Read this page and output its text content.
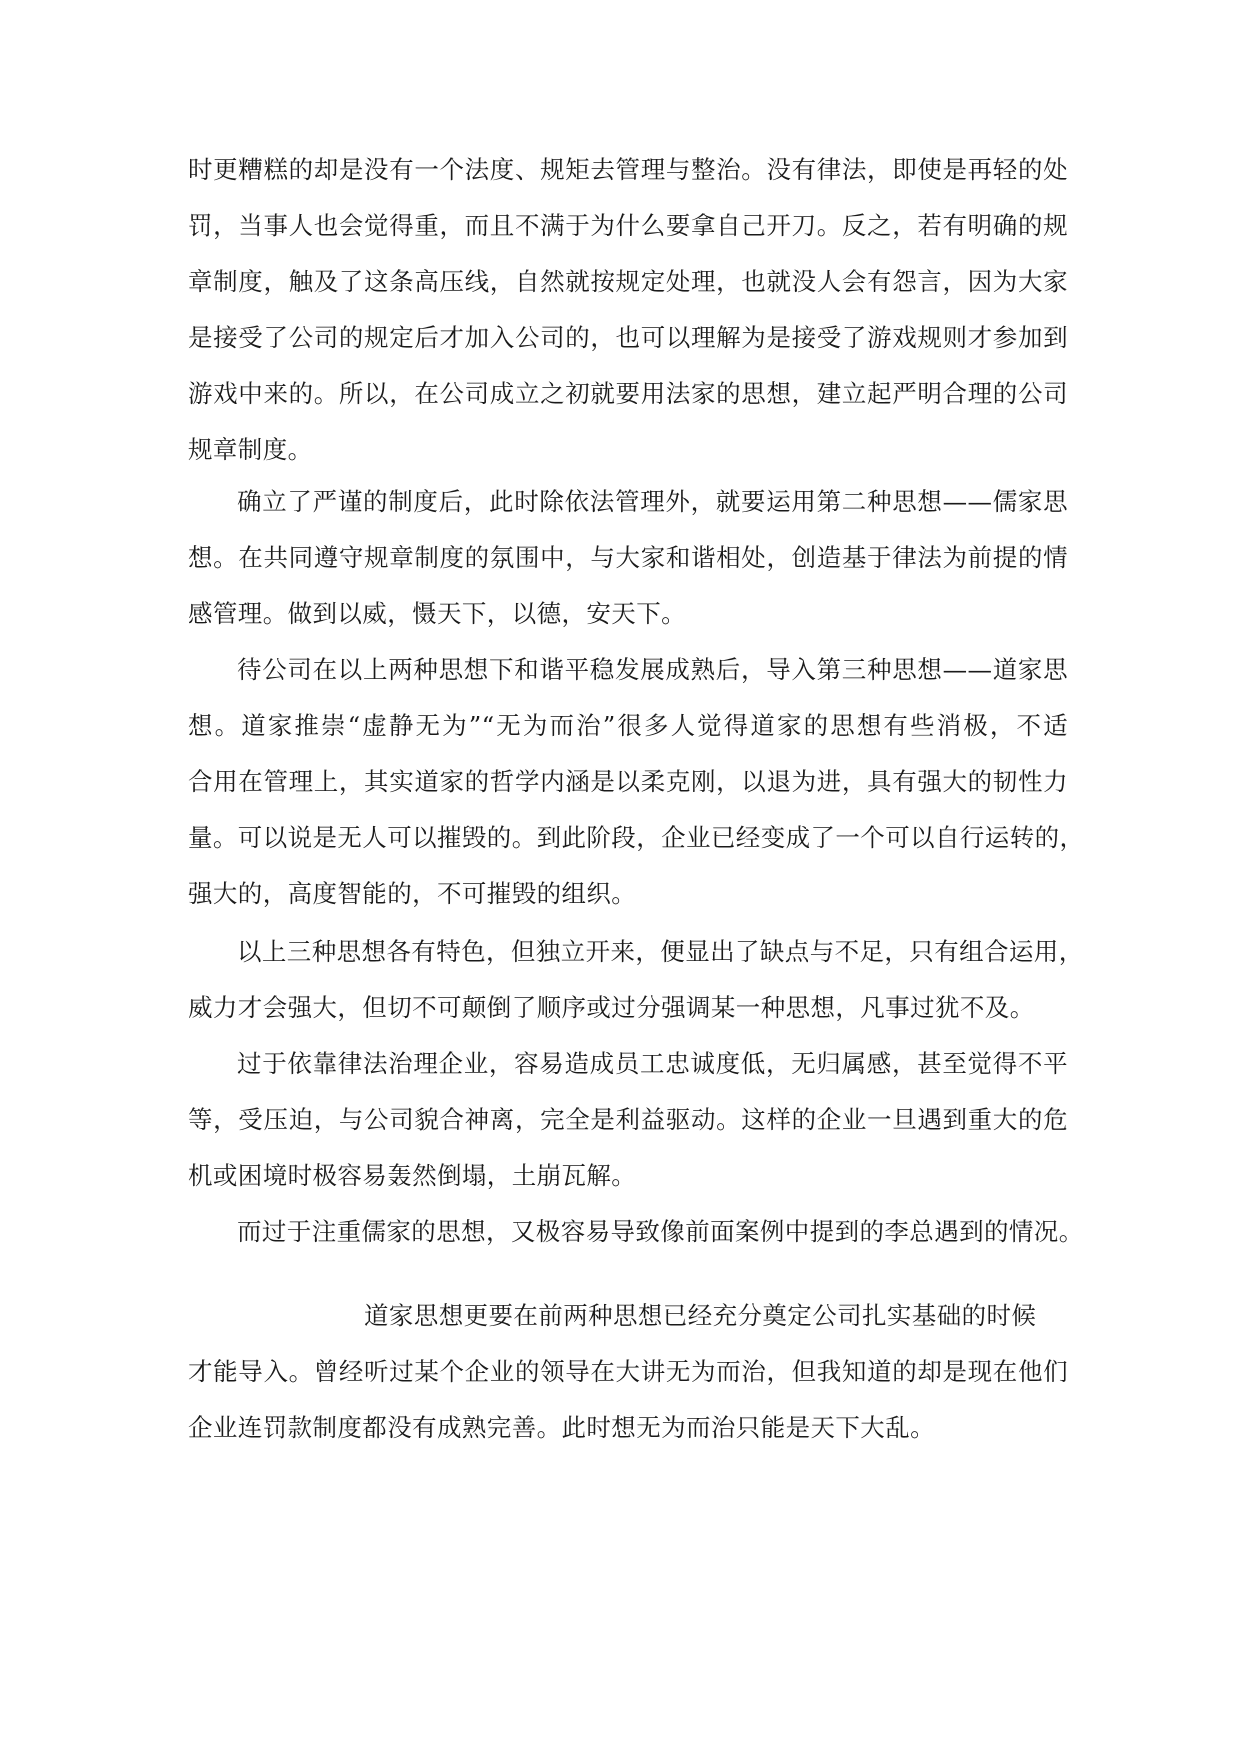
时更糟糕的却是没有一个法度、规矩去管理与整治。没有律法，即使是再轻的处
罚，当事人也会觉得重，而且不满于为什么要拿自己开刀。反之，若有明确的规
章制度，触及了这条高压线，自然就按规定处理，也就没人会有怨言，因为大家
是接受了公司的规定后才加入公司的，也可以理解为是接受了游戏规则才参加到
游戏中来的。所以，在公司成立之初就要用法家的思想，建立起严明合理的公司
规章制度。
确立了严谨的制度后，此时除依法管理外，就要运用第二种思想——儒家思
想。在共同遵守规章制度的氛围中，与大家和谐相处，创造基于律法为前提的情
感管理。做到以威，慑天下，以德，安天下。
待公司在以上两种思想下和谐平稳发展成熟后，导入第三种思想——道家思
想。道家推崇“虚静无为”“无为而治”很多人觉得道家的思想有些消极，不适
合用在管理上，其实道家的哲学内涵是以柔克刚，以退为进，具有强大的韧性力
量。可以说是无人可以摧毁的。到此阶段，企业已经变成了一个可以自行运转的，
强大的，高度智能的，不可摧毁的组织。
以上三种思想各有特色，但独立开来，便显出了缺点与不足，只有组合运用，
威力才会强大，但切不可颠倒了顺序或过分强调某一种思想，凡事过犹不及。
过于依靠律法治理企业，容易造成员工忠诚度低，无归属感，甚至觉得不平
等，受压迫，与公司貌合神离，完全是利益驱动。这样的企业一旦遇到重大的危
机或困境时极容易轰然倒塌，土崩瓦解。
而过于注重儒家的思想，又极容易导致像前面案例中提到的李总遇到的情况。
道家思想更要在前两种思想已经充分奠定公司扎实基础的时候
才能导入。曾经听过某个企业的领导在大讲无为而治，但我知道的却是现在他们
企业连罚款制度都没有成熟完善。此时想无为而治只能是天下大乱。
